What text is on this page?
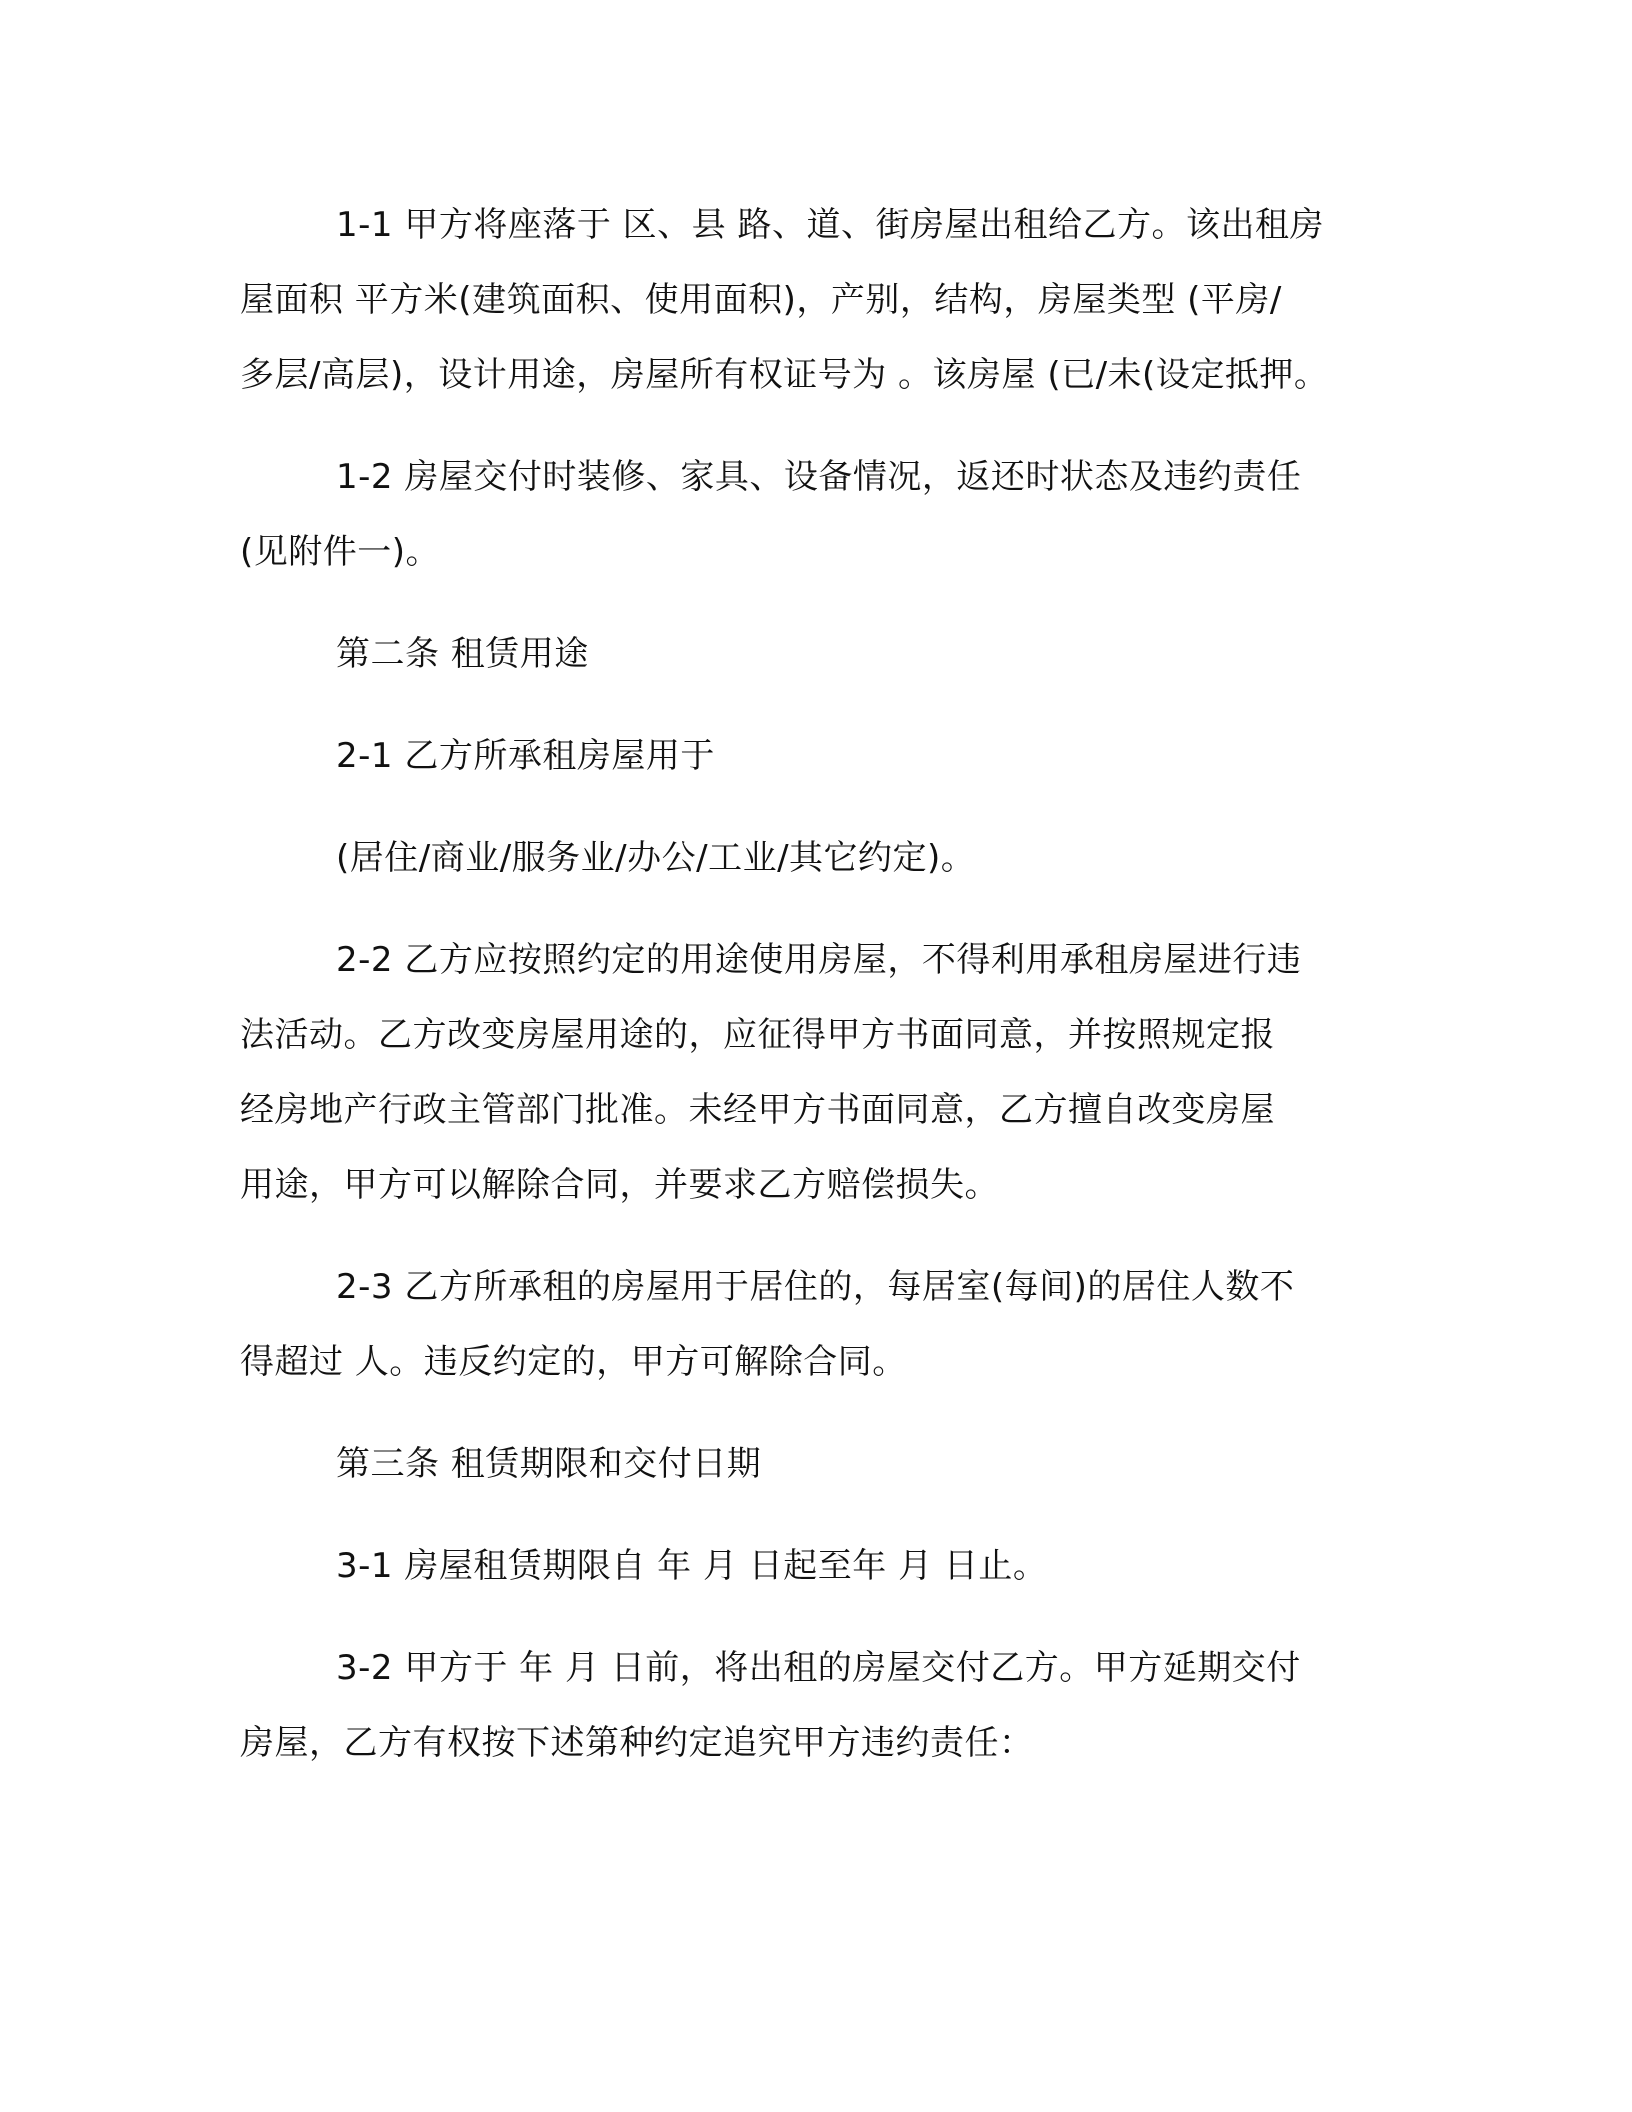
1-1 甲方将座落于 区、县 路、道、街房屋出租给乙方。该出租房
屋面积 平方米(建筑面积、使用面积)，产别，结构，房屋类型 (平房/
多层/高层)，设计用途，房屋所有权证号为 。该房屋 (已/未(设定抵押。
1-2 房屋交付时装修、家具、设备情况，返还时状态及违约责任
(见附件一)。
第二条 租赁用途
2-1 乙方所承租房屋用于
(居住/商业/服务业/办公/工业/其它约定)。
2-2 乙方应按照约定的用途使用房屋，不得利用承租房屋进行违
法活动。乙方改变房屋用途的，应征得甲方书面同意，并按照规定报
经房地产行政主管部门批准。未经甲方书面同意，乙方擅自改变房屋
用途，甲方可以解除合同，并要求乙方赔偿损失。
2-3 乙方所承租的房屋用于居住的，每居室(每间)的居住人数不
得超过 人。违反约定的，甲方可解除合同。
第三条 租赁期限和交付日期
3-1 房屋租赁期限自 年 月 日起至年 月 日止。
3-2 甲方于 年 月 日前，将出租的房屋交付乙方。甲方延期交付
房屋，乙方有权按下述第种约定追究甲方违约责任：
